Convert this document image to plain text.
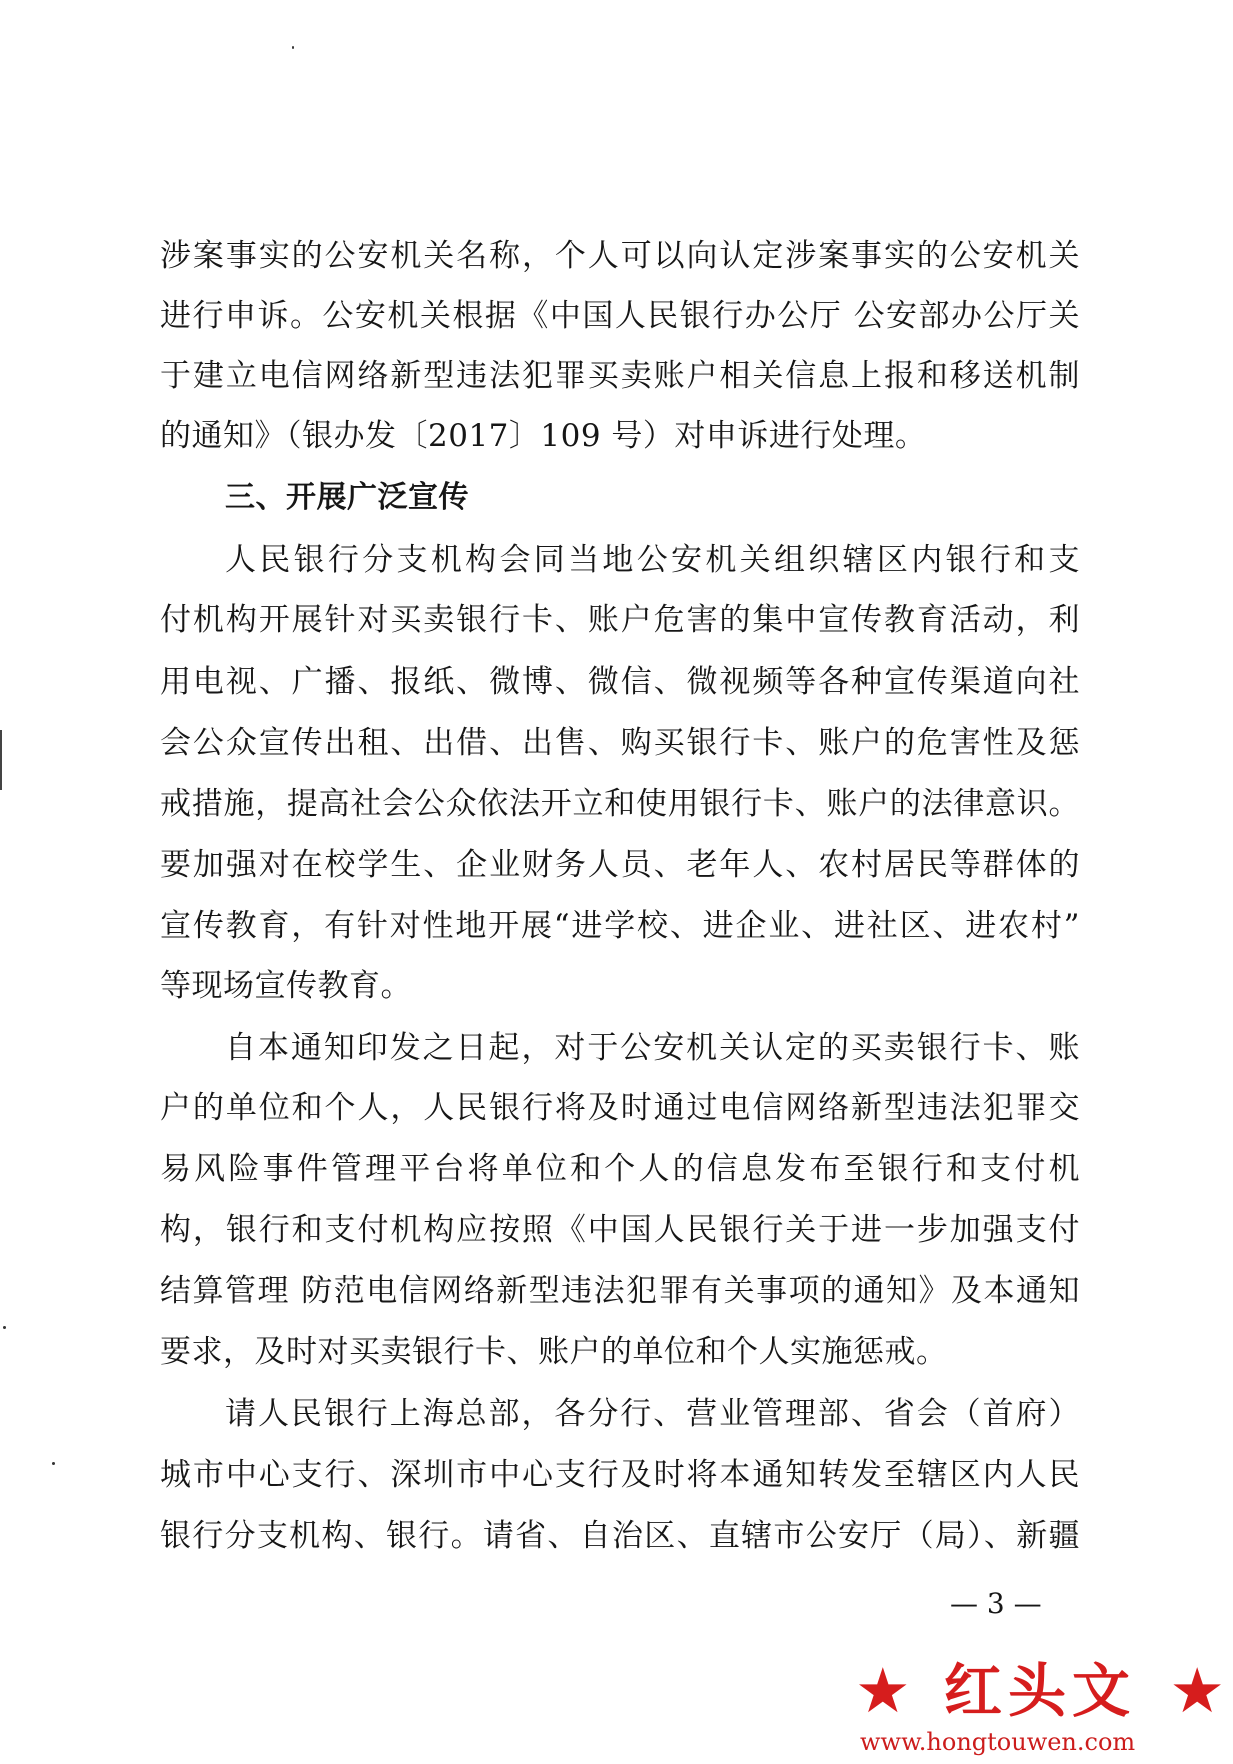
涉案事实的公安机关名称，个人可以向认定涉案事实的公安机关
进行申诉。公安机关根据《中国人民银行办公厅 公安部办公厅关
于建立电信网络新型违法犯罪买卖账户相关信息上报和移送机制
的通知》（银办发〔2017〕109 号）对申诉进行处理。
三、开展广泛宣传
人民银行分支机构会同当地公安机关组织辖区内银行和支
付机构开展针对买卖银行卡、账户危害的集中宣传教育活动，利
用电视、广播、报纸、微博、微信、微视频等各种宣传渠道向社
会公众宣传出租、出借、出售、购买银行卡、账户的危害性及惩
戒措施，提高社会公众依法开立和使用银行卡、账户的法律意识。
要加强对在校学生、企业财务人员、老年人、农村居民等群体的
宣传教育，有针对性地开展“进学校、进企业、进社区、进农村”
等现场宣传教育。
自本通知印发之日起，对于公安机关认定的买卖银行卡、账
户的单位和个人，人民银行将及时通过电信网络新型违法犯罪交
易风险事件管理平台将单位和个人的信息发布至银行和支付机
构，银行和支付机构应按照《中国人民银行关于进一步加强支付
结算管理 防范电信网络新型违法犯罪有关事项的通知》及本通知
要求，及时对买卖银行卡、账户的单位和个人实施惩戒。
请人民银行上海总部，各分行、营业管理部、省会（首府）
城市中心支行、深圳市中心支行及时将本通知转发至辖区内人民
银行分支机构、银行。请省、自治区、直辖市公安厅（局）、新疆
— 3 —
★ 红头文 ★
www.hongtouwen.com
